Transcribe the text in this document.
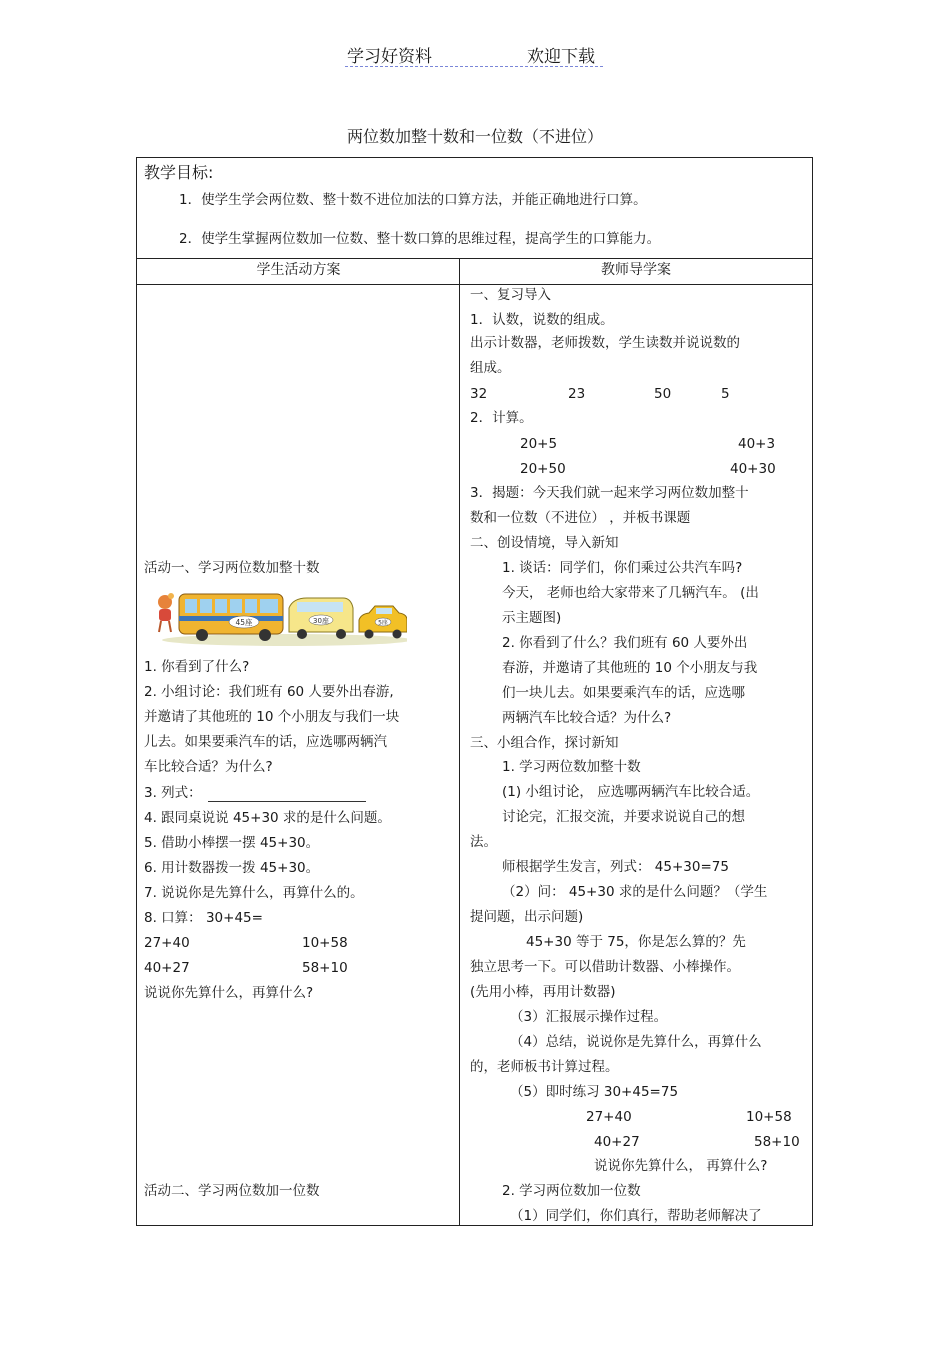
学习好资料	欢迎下载
两位数加整十数和一位数（不进位）
教学目标:
1．使学生学会两位数、整十数不进位加法的口算方法，并能正确地进行口算。
2．使学生掌握两位数加一位数、整十数口算的思维过程，提高学生的口算能力。
学生活动方案	教师导学案
活动一、学习两位数加整十数
45座	30座	5座
1. 你看到了什么?
2. 小组讨论：我们班有 60 人要外出春游,
并邀请了其他班的 10 个小朋友与我们一块
儿去。如果要乘汽车的话，应选哪两辆汽
车比较合适？为什么?
3. 列式：
4. 跟同桌说说 45+30 求的是什么问题。
5. 借助小棒摆一摆 45+30。
6. 用计数器拨一拨 45+30。
7. 说说你是先算什么，再算什么的。
8. 口算： 30+45=
27+40	10+58
40+27	58+10
说说你先算什么，再算什么?
活动二、学习两位数加一位数
一、复习导入
1．认数，说数的组成。
出示计数器，老师拨数，学生读数并说说数的
组成。
32	23	50	5
2．计算。
20+5	40+3
20+50	40+30
3．揭题：今天我们就一起来学习两位数加整十
数和一位数（不进位） ，并板书课题
二、创设情境，导入新知
1. 谈话：同学们，你们乘过公共汽车吗?
今天， 老师也给大家带来了几辆汽车。 (出
示主题图)
2. 你看到了什么？我们班有 60 人要外出
春游，并邀请了其他班的 10 个小朋友与我
们一块儿去。如果要乘汽车的话，应选哪
两辆汽车比较合适？为什么?
三、小组合作，探讨新知
1. 学习两位数加整十数
(1) 小组讨论， 应选哪两辆汽车比较合适。
讨论完，汇报交流，并要求说说自己的想
法。
师根据学生发言，列式： 45+30=75
（2）问： 45+30 求的是什么问题？（学生
提问题，出示问题)
45+30 等于 75，你是怎么算的？先
独立思考一下。可以借助计数器、小棒操作。
(先用小棒，再用计数器)
（3）汇报展示操作过程。
（4）总结，说说你是先算什么，再算什么
的，老师板书计算过程。
（5）即时练习 30+45=75
27+40	10+58
40+27	58+10
说说你先算什么， 再算什么?
2. 学习两位数加一位数
（1）同学们，你们真行，帮助老师解决了
